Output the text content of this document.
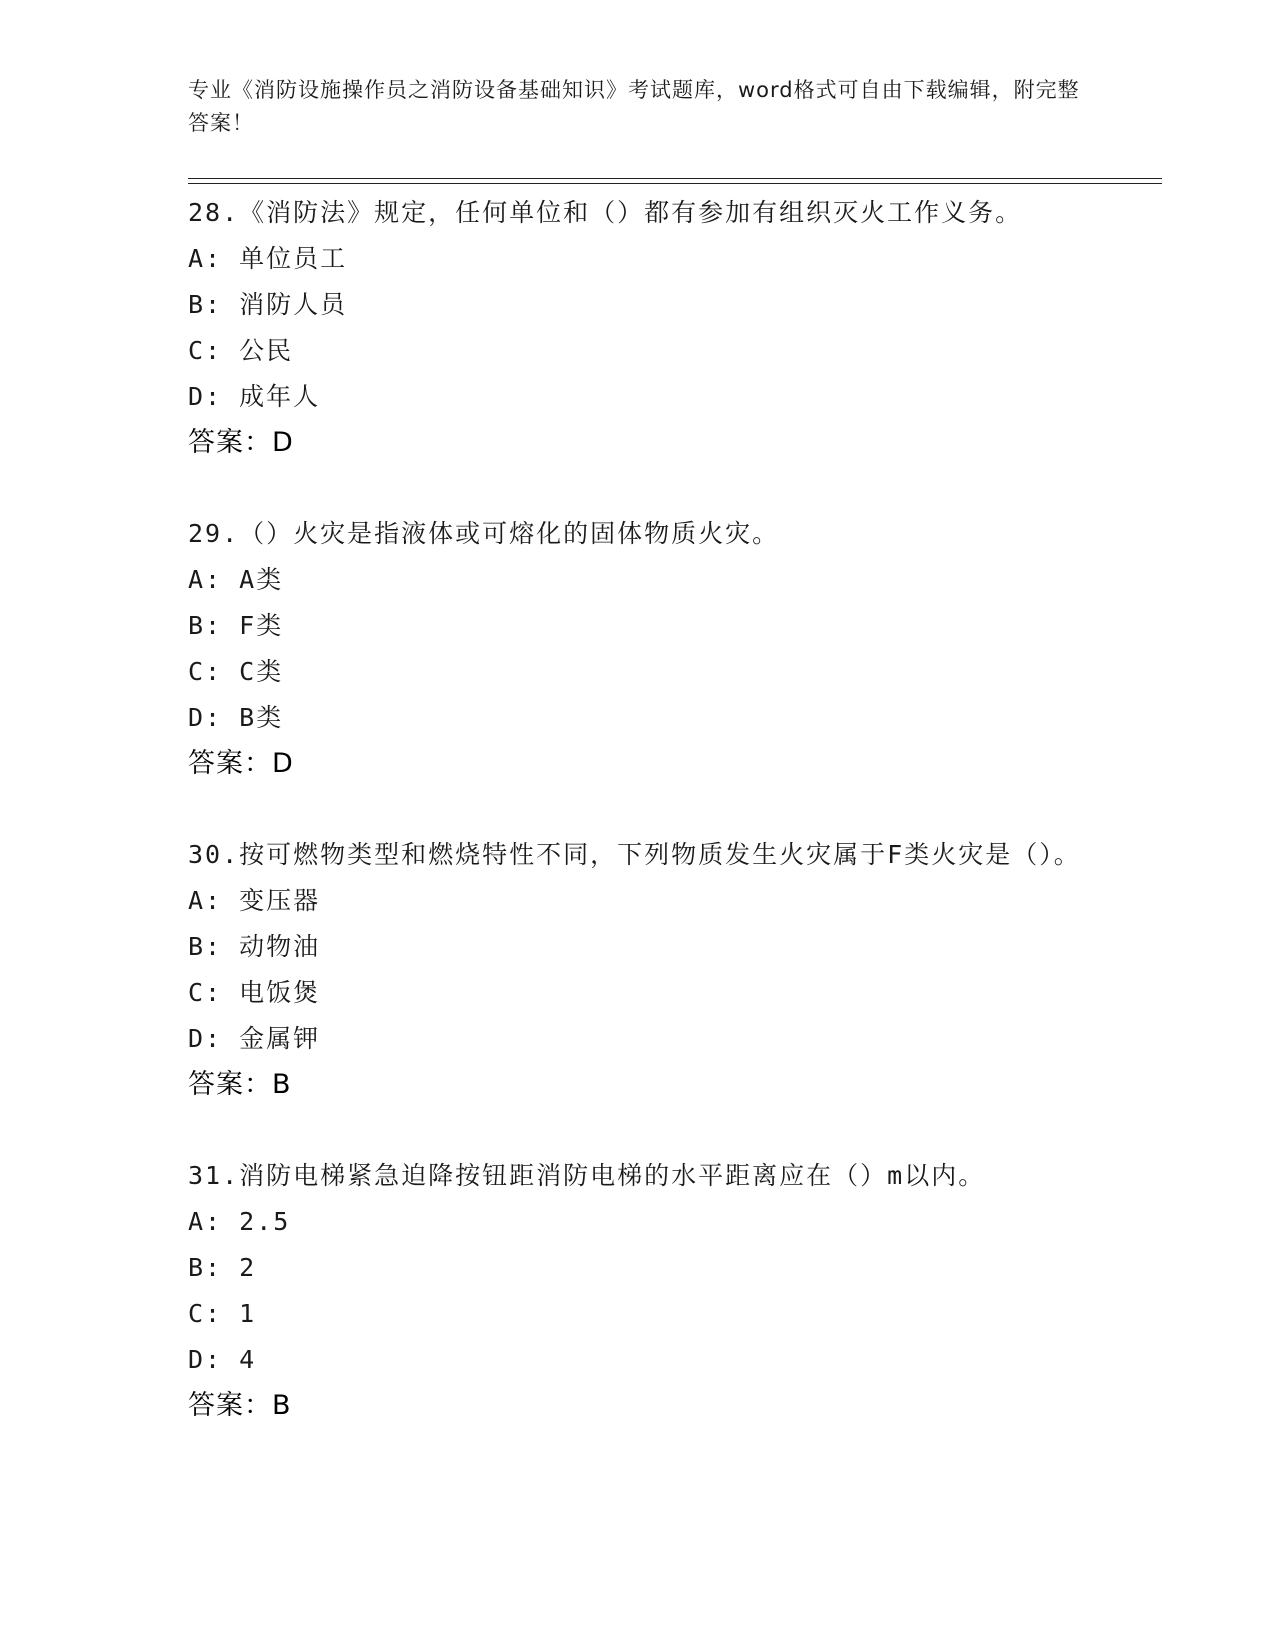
专业《消防设施操作员之消防设备基础知识》考试题库，word格式可自由下载编辑，附完整答案！
28.《消防法》规定，任何单位和（）都有参加有组织灭火工作义务。
A: 单位员工
B: 消防人员
C: 公民
D: 成年人
答案：D
29.（）火灾是指液体或可熔化的固体物质火灾。
A: A类
B: F类
C: C类
D: B类
答案：D
30.按可燃物类型和燃烧特性不同，下列物质发生火灾属于F类火灾是（）。
A: 变压器
B: 动物油
C: 电饭煲
D: 金属钾
答案：B
31.消防电梯紧急迫降按钮距消防电梯的水平距离应在（）m以内。
A: 2.5
B: 2
C: 1
D: 4
答案：B
